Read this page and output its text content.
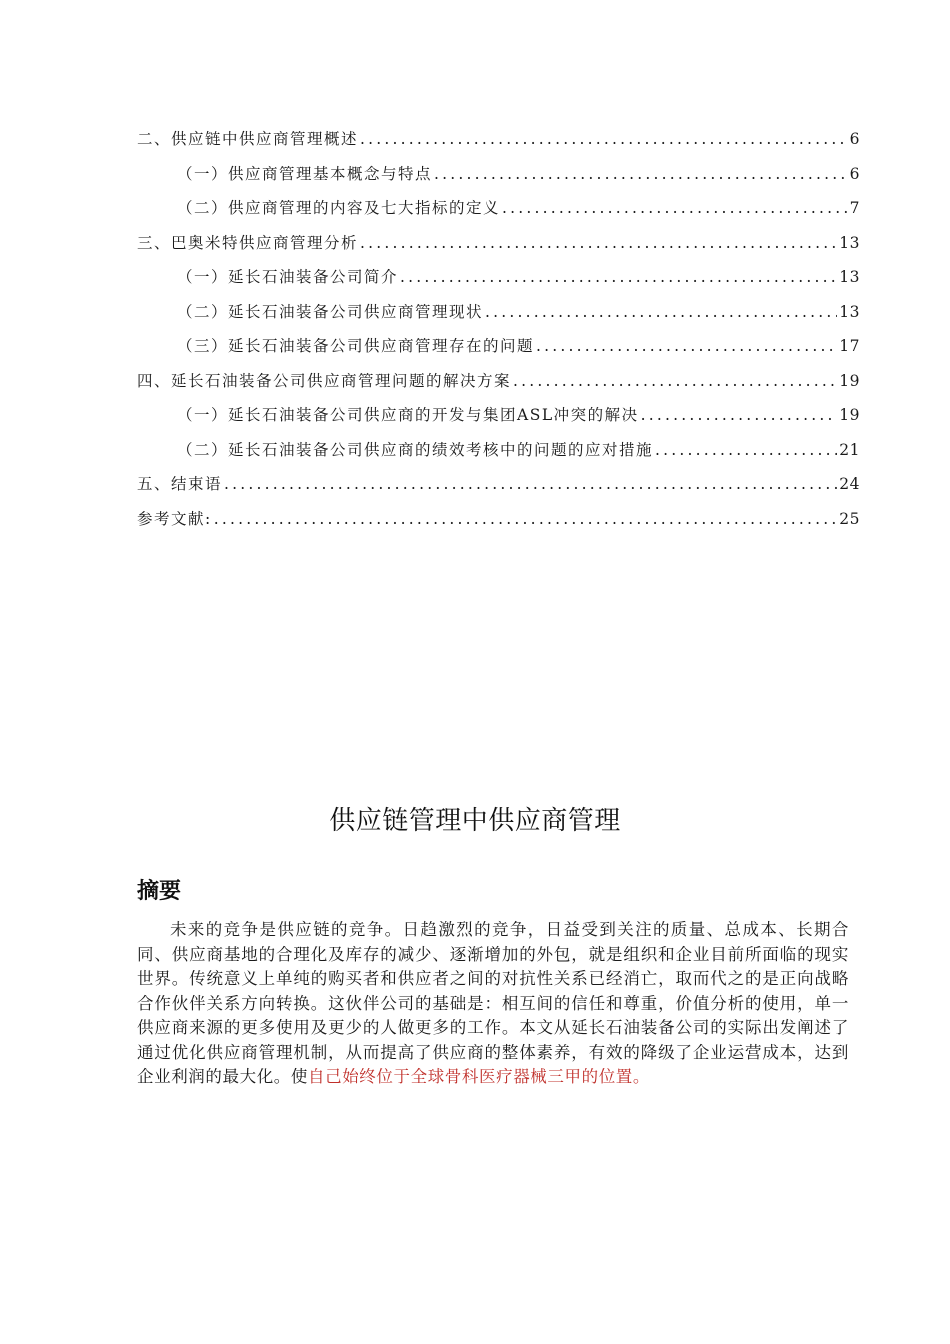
二、供应链中供应商管理概述 .....	6
（一）供应商管理基本概念与特点 .....	6
（二）供应商管理的内容及七大指标的定义 .....	7
三、巴奥米特供应商管理分析 .....	13
（一）延长石油装备公司简介 .....	13
（二）延长石油装备公司供应商管理现状 .....	13
（三）延长石油装备公司供应商管理存在的问题 .....	17
四、延长石油装备公司供应商管理问题的解决方案 .....	19
（一）延长石油装备公司供应商的开发与集团ASL冲突的解决 .....	19
（二）延长石油装备公司供应商的绩效考核中的问题的应对措施 .....	21
五、结束语 .....	24
参考文献: .....	25
供应链管理中供应商管理
摘要

未来的竞争是供应链的竞争。日趋激烈的竞争，日益受到关注的质量、总成本、长期合同、供应商基地的合理化及库存的减少、逐渐增加的外包，就是组织和企业目前所面临的现实世界。传统意义上单纯的购买者和供应者之间的对抗性关系已经消亡，取而代之的是正向战略合作伙伴关系方向转换。这伙伴公司的基础是：相互间的信任和尊重，价值分析的使用，单一供应商来源的更多使用及更少的人做更多的工作。本文从延长石油装备公司的实际出发阐述了通过优化供应商管理机制，从而提高了供应商的整体素养，有效的降级了企业运营成本，达到企业利润的最大化。使自己始终位于全球骨科医疗器械三甲的位置。
